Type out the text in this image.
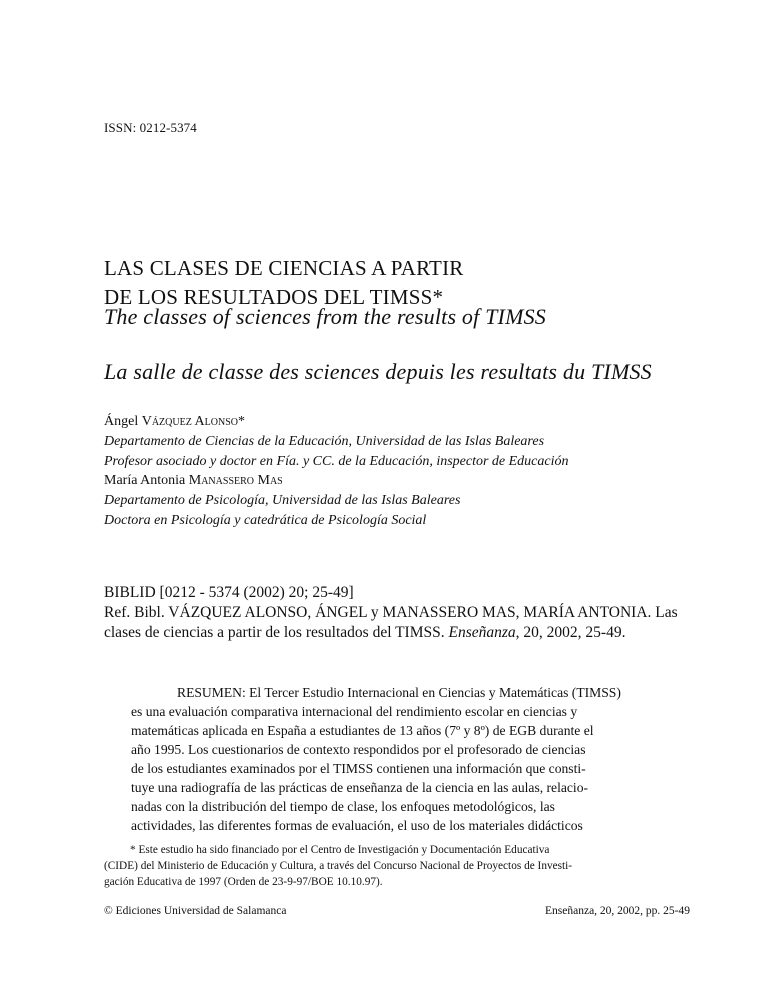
ISSN: 0212-5374
LAS CLASES DE CIENCIAS A PARTIR
DE LOS RESULTADOS DEL TIMSS*
The classes of sciences from the results of TIMSS
La salle de classe des sciences depuis les resultats du TIMSS
Ángel Vázquez Alonso*
Departamento de Ciencias de la Educación, Universidad de las Islas Baleares
Profesor asociado y doctor en Fía. y CC. de la Educación, inspector de Educación
María Antonia Manassero Mas
Departamento de Psicología, Universidad de las Islas Baleares
Doctora en Psicología y catedrática de Psicología Social
BIBLID [0212 - 5374 (2002) 20; 25-49]
Ref. Bibl. VÁZQUEZ ALONSO, ÁNGEL y MANASSERO MAS, MARÍA ANTONIA. Las
clases de ciencias a partir de los resultados del TIMSS. Enseñanza, 20, 2002, 25-49.
RESUMEN: El Tercer Estudio Internacional en Ciencias y Matemáticas (TIMSS)
es una evaluación comparativa internacional del rendimiento escolar en ciencias y
matemáticas aplicada en España a estudiantes de 13 años (7º y 8º) de EGB durante el
año 1995. Los cuestionarios de contexto respondidos por el profesorado de ciencias
de los estudiantes examinados por el TIMSS contienen una información que consti-
tuye una radiografía de las prácticas de enseñanza de la ciencia en las aulas, relacio-
nadas con la distribución del tiempo de clase, los enfoques metodológicos, las
actividades, las diferentes formas de evaluación, el uso de los materiales didácticos
* Este estudio ha sido financiado por el Centro de Investigación y Documentación Educativa
(CIDE) del Ministerio de Educación y Cultura, a través del Concurso Nacional de Proyectos de Investi-
gación Educativa de 1997 (Orden de 23-9-97/BOE 10.10.97).
© Ediciones Universidad de Salamanca	Enseñanza, 20, 2002, pp. 25-49
